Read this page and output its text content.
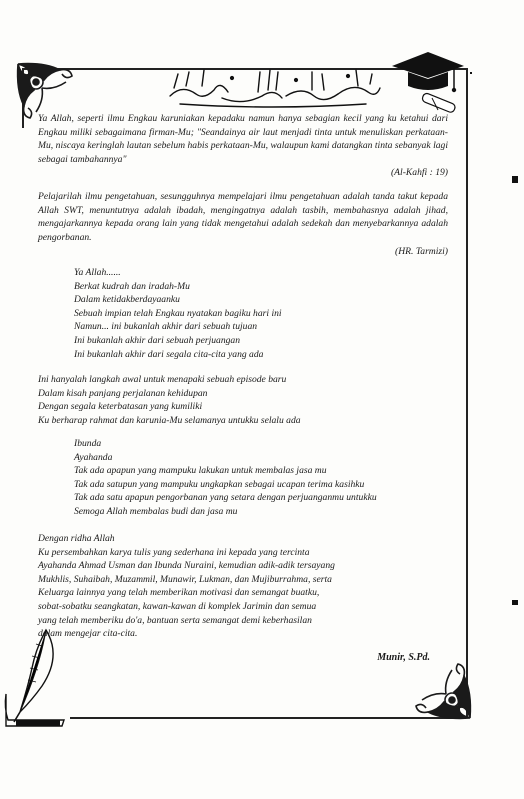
Ya Allah, seperti ilmu Engkau karuniakan kepadaku namun hanya sebagian kecil yang ku ketahui dari Engkau miliki sebagaimana firman-Mu; "Seandainya air laut menjadi tinta untuk menuliskan perkataan-Mu, niscaya keringlah lautan sebelum habis perkataan-Mu, walaupun kami datangkan tinta sebanyak lagi sebagai tambahannya"
(Al-Kahfi : 19)
Pelajarilah ilmu pengetahuan, sesungguhnya mempelajari ilmu pengetahuan adalah tanda takut kepada Allah SWT, menuntutnya adalah ibadah, mengingatnya adalah tasbih, membahasnya adalah jihad, mengajarkannya kepada orang lain yang tidak mengetahui adalah sedekah dan menyebarkannya adalah pengorbanan.
(HR. Tarmizi)
Ya Allah......
Berkat kudrah dan iradah-Mu
Dalam ketidakberdayaanku
Sebuah impian telah Engkau nyatakan bagiku hari ini
Namun... ini bukanlah akhir dari sebuah tujuan
Ini bukanlah akhir dari sebuah perjuangan
Ini bukanlah akhir dari segala cita-cita yang ada
Ini hanyalah langkah awal untuk menapaki sebuah episode baru
Dalam kisah panjang perjalanan kehidupan
Dengan segala keterbatasan yang kumiliki
Ku berharap rahmat dan karunia-Mu selamanya untukku selalu ada
Ibunda
Ayahanda
Tak ada apapun yang mampuku lakukan untuk membalas jasa mu
Tak ada satupun yang mampuku ungkapkan sebagai ucapan terima kasihku
Tak ada satu apapun pengorbanan yang setara dengan perjuanganmu untukku
Semoga Allah membalas budi dan jasa mu
Dengan ridha Allah
Ku persembahkan karya tulis yang sederhana ini kepada yang tercinta
Ayahanda Ahmad Usman dan Ibunda Nuraini, kemudian adik-adik tersayang
Mukhlis, Suhaibah, Muzammil, Munawir, Lukman, dan Mujiburrahma, serta
Keluarga lainnya yang telah memberikan motivasi dan semangat buatku,
sobat-sobatku seangkatan, kawan-kawan di komplek Jarimin dan semua
yang telah memberiku do'a, bantuan serta semangat demi keberhasilan
dalam mengejar cita-cita.
Munir, S.Pd.
